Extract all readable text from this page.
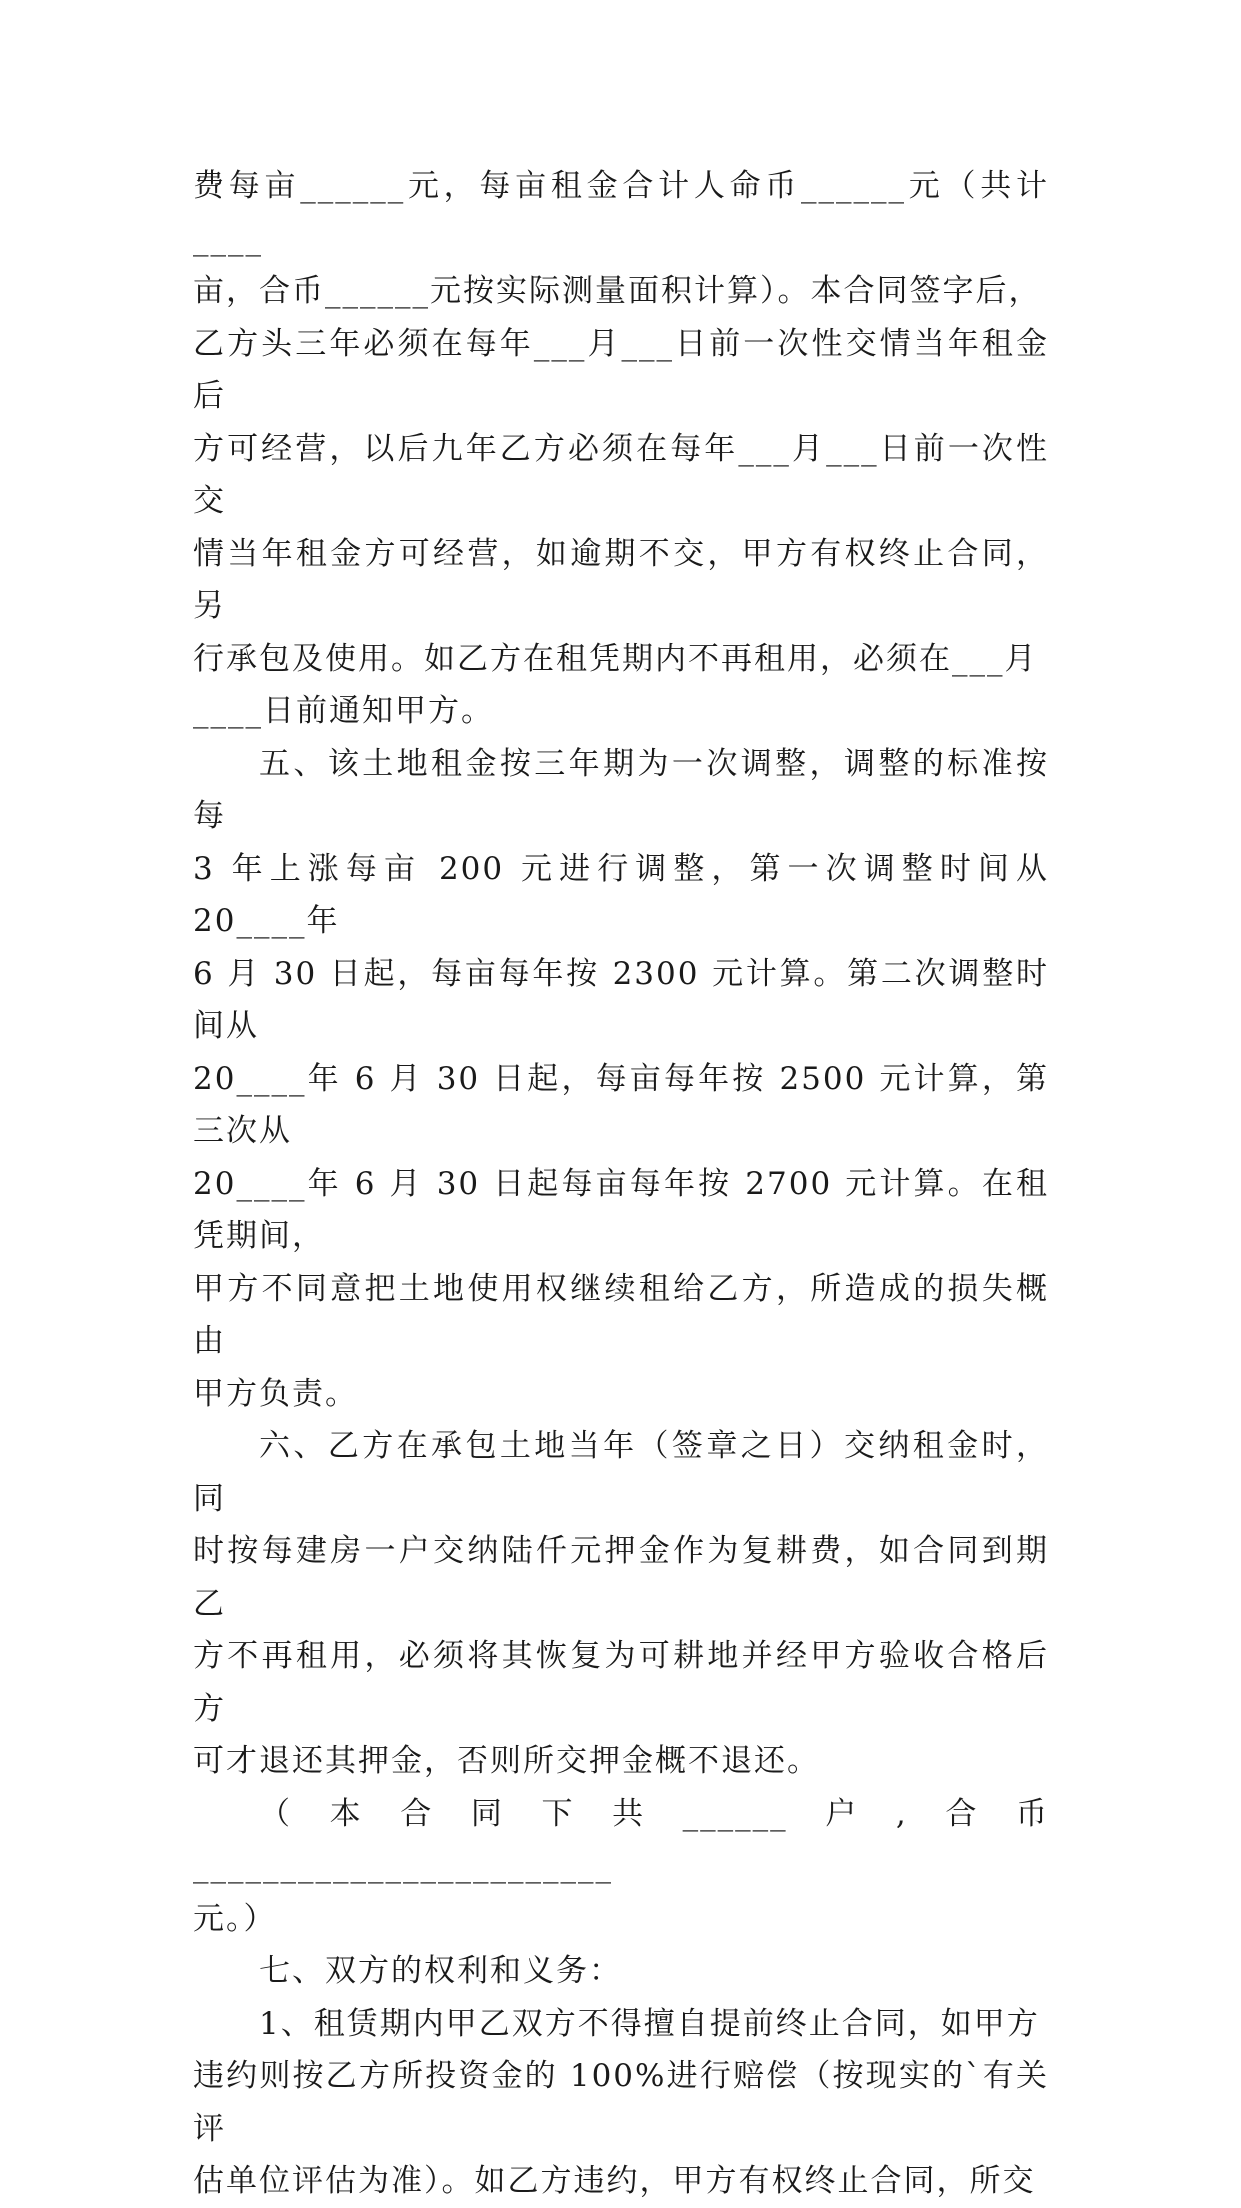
费每亩______元，每亩租金合计人命币______元（共计____
亩，合币______元按实际测量面积计算）。本合同签字后，
乙方头三年必须在每年___月___日前一次性交情当年租金后
方可经营，以后九年乙方必须在每年___月___日前一次性交
情当年租金方可经营，如逾期不交，甲方有权终止合同，另
行承包及使用。如乙方在租凭期内不再租用，必须在___月
____日前通知甲方。

五、该土地租金按三年期为一次调整，调整的标准按每
3 年上涨每亩 200 元进行调整，第一次调整时间从 20____年
6 月 30 日起，每亩每年按 2300 元计算。第二次调整时间从
20____年 6 月 30 日起，每亩每年按 2500 元计算，第三次从
20____年 6 月 30 日起每亩每年按 2700 元计算。在租凭期间，
甲方不同意把土地使用权继续租给乙方，所造成的损失概由
甲方负责。

六、乙方在承包土地当年（签章之日）交纳租金时，同
时按每建房一户交纳陆仟元押金作为复耕费，如合同到期乙
方不再租用，必须将其恢复为可耕地并经甲方验收合格后方
可才退还其押金，否则所交押金概不退还。

（本合同下共______户,合币________________________
元。）

七、双方的权利和义务：

1、租赁期内甲乙双方不得擅自提前终止合同，如甲方
违约则按乙方所投资金的 100%进行赔偿（按现实的`有关评
估单位评估为准）。如乙方违约，甲方有权终止合同，所交
